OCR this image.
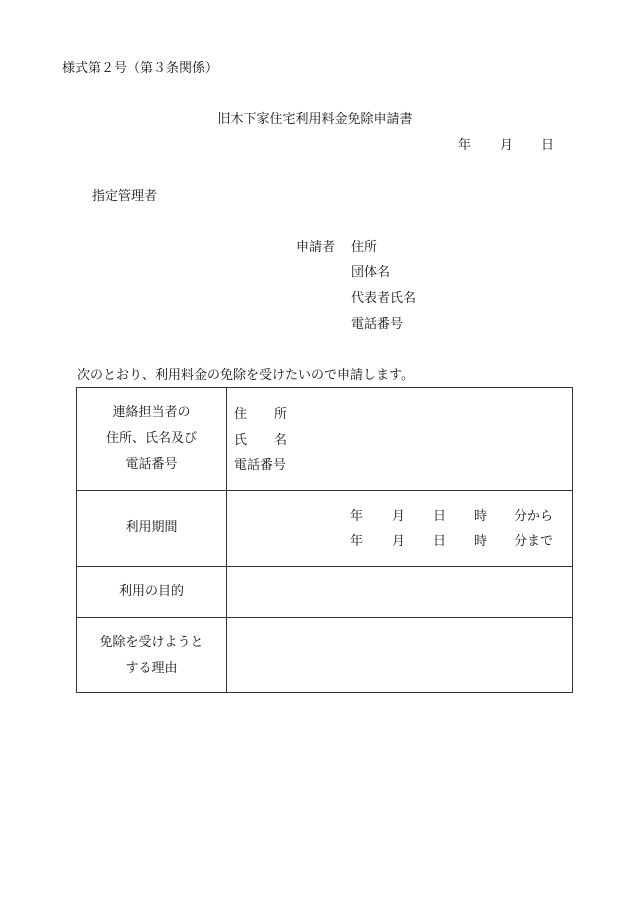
様式第２号（第３条関係）
旧木下家住宅利用料金免除申請書
年 月 日
指定管理者
申請者 住所
団体名
代表者氏名
電話番号
次のとおり、利用料金の免除を受けたいので申請します。
連絡担当者の
住所、氏名及び
電話番号
住 所
氏 名
電話番号
利用期間
年 月 日 時 分から
年 月 日 時 分まで
利用の目的
免除を受けようと
する理由
